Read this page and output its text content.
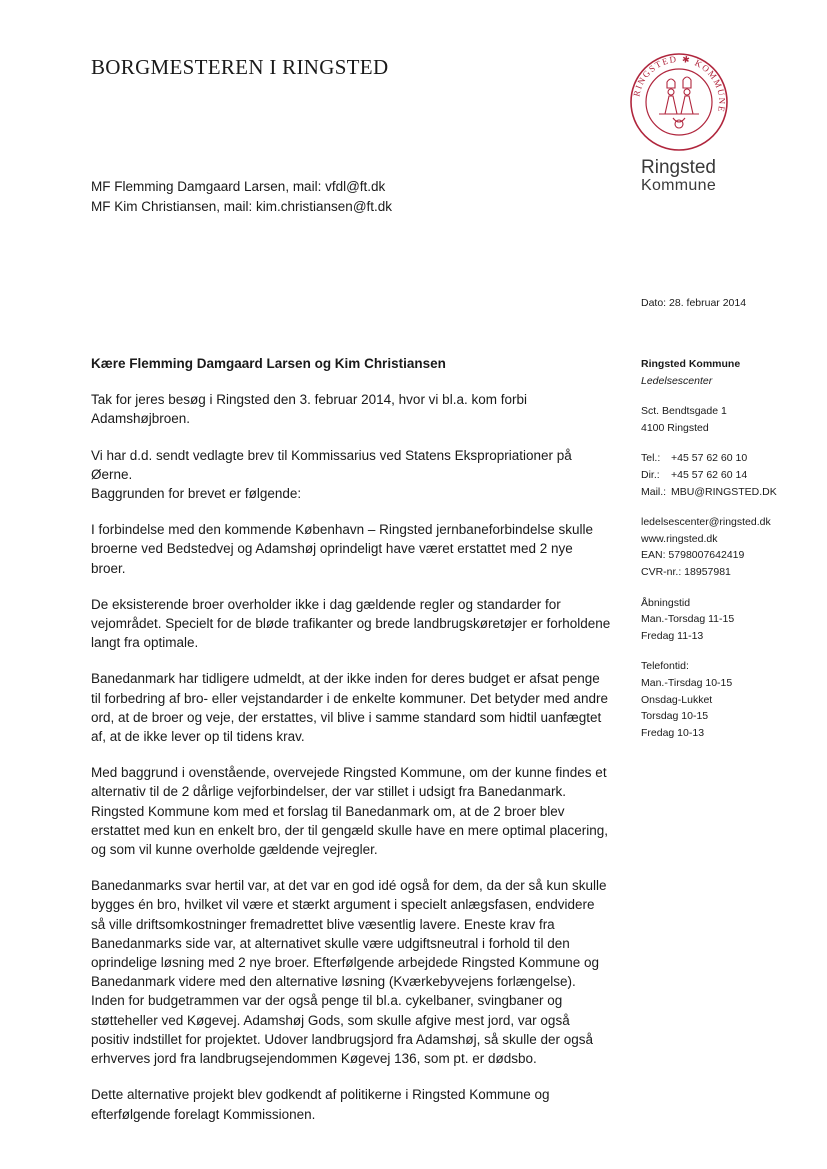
BORGMESTEREN I RINGSTED
MF Flemming Damgaard Larsen, mail: vfdl@ft.dk
MF Kim Christiansen, mail: kim.christiansen@ft.dk
RINGSTED ✱ KOMMUNE
Ringsted
Kommune
Dato: 28. februar 2014
Ringsted Kommune
Ledelsescenter
Sct. Bendtsgade 1
4100 Ringsted
Tel.: +45 57 62 60 10
Dir.: +45 57 62 60 14
Mail.: MBU@RINGSTED.DK
ledelsescenter@ringsted.dk
www.ringsted.dk
EAN: 5798007642419
CVR-nr.: 18957981
Åbningstid
Man.-Torsdag 11-15
Fredag 11-13
Telefontid:
Man.-Tirsdag 10-15
Onsdag-Lukket
Torsdag 10-15
Fredag 10-13
Kære Flemming Damgaard Larsen og Kim Christiansen

Tak for jeres besøg i Ringsted den 3. februar 2014, hvor vi bl.a. kom forbi Adamshøjbroen.

Vi har d.d. sendt vedlagte brev til Kommissarius ved Statens Ekspropriationer på Øerne.

Baggrunden for brevet er følgende:

I forbindelse med den kommende København – Ringsted jernbaneforbindelse skulle broerne ved Bedstedvej og Adamshøj oprindeligt have været erstattet med 2 nye broer.

De eksisterende broer overholder ikke i dag gældende regler og standarder for vejområdet. Specielt for de bløde trafikanter og brede landbrugskøretøjer er forholdene langt fra optimale.

Banedanmark har tidligere udmeldt, at der ikke inden for deres budget er afsat penge til forbedring af bro- eller vejstandarder i de enkelte kommuner. Det betyder med andre ord, at de broer og veje, der erstattes, vil blive i samme standard som hidtil uanfægtet af, at de ikke lever op til tidens krav.

Med baggrund i ovenstående, overvejede Ringsted Kommune, om der kunne findes et alternativ til de 2 dårlige vejforbindelser, der var stillet i udsigt fra Banedanmark. Ringsted Kommune kom med et forslag til Banedanmark om, at de 2 broer blev erstattet med kun en enkelt bro, der til gengæld skulle have en mere optimal placering, og som vil kunne overholde gældende vejregler.

Banedanmarks svar hertil var, at det var en god idé også for dem, da der så kun skulle bygges én bro, hvilket vil være et stærkt argument i specielt anlægsfasen, endvidere så ville driftsomkostninger fremadrettet blive væsentlig lavere. Eneste krav fra Banedanmarks side var, at alternativet skulle være udgiftsneutral i forhold til den oprindelige løsning med 2 nye broer. Efterfølgende arbejdede Ringsted Kommune og Banedanmark videre med den alternative løsning (Kværkebyvejens forlængelse). Inden for budgetrammen var der også penge til bl.a. cykelbaner, svingbaner og støtteheller ved Køgevej. Adamshøj Gods, som skulle afgive mest jord, var også positiv indstillet for projektet. Udover landbrugsjord fra Adamshøj, så skulle der også erhverves jord fra landbrugsejendommen Køgevej 136, som pt. er dødsbo.

Dette alternative projekt blev godkendt af politikerne i Ringsted Kommune og efterfølgende forelagt Kommissionen.
